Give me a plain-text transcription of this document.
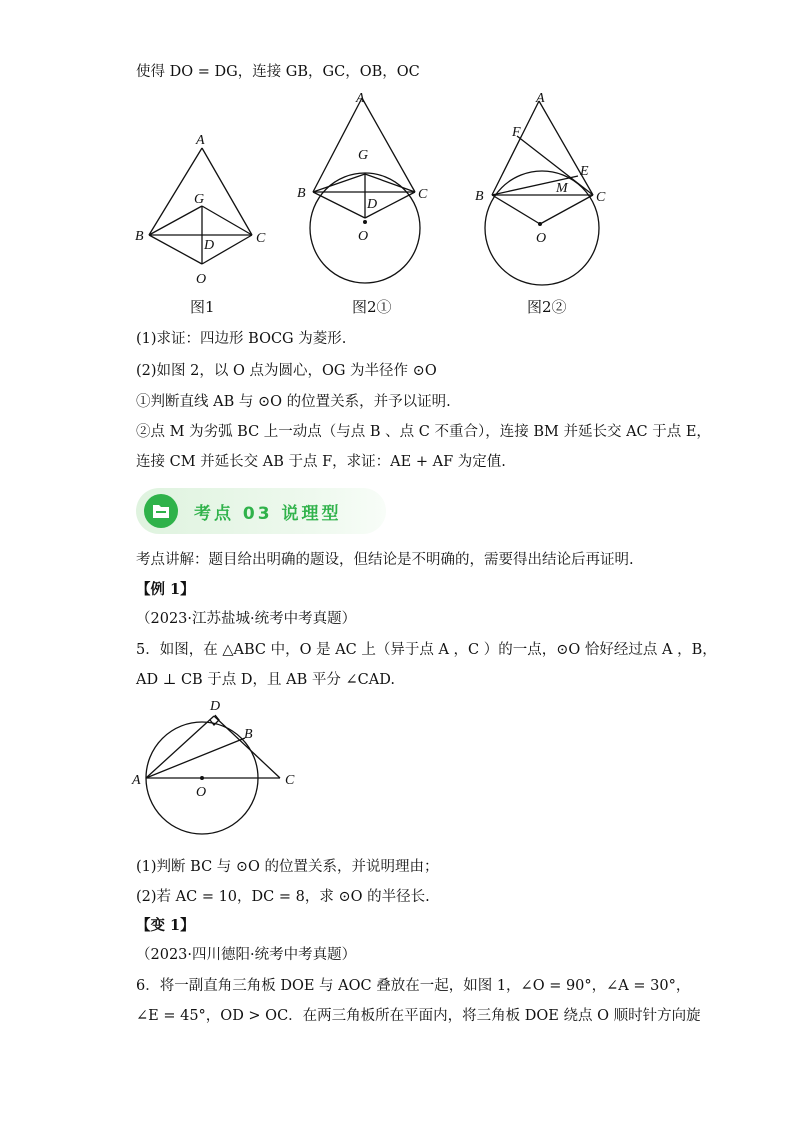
使得 DO = DG，连接 GB，GC，OB，OC
A
B	C
G
D
O
图1
A
B	C
G
D
O
图2①
A
F
E
M
B	C
O
图2②
(1)求证：四边形 BOCG 为菱形.
(2)如图 2，以 O 点为圆心，OG 为半径作 ⊙O
①判断直线 AB 与 ⊙O 的位置关系，并予以证明.
②点 M 为劣弧 BC 上一动点（与点 B 、点 C 不重合），连接 BM 并延长交 AC 于点 E，
连接 CM 并延长交 AB 于点 F，求证：AE + AF 为定值.
考点 03 说理型
考点讲解：题目给出明确的题设，但结论是不明确的，需要得出结论后再证明.
【例 1】
（2023·江苏盐城·统考中考真题）
5．如图，在 △ABC 中，O 是 AC 上（异于点 A ，C ）的一点，⊙O 恰好经过点 A ，B，
AD ⊥ CB 于点 D，且 AB 平分 ∠CAD.
D
B
A	C
O
(1)判断 BC 与 ⊙O 的位置关系，并说明理由；
(2)若 AC = 10，DC = 8，求 ⊙O 的半径长.
【变 1】
（2023·四川德阳·统考中考真题）
6．将一副直角三角板 DOE 与 AOC 叠放在一起，如图 1，∠O = 90°，∠A = 30°，
∠E = 45°，OD > OC．在两三角板所在平面内，将三角板 DOE 绕点 O 顺时针方向旋
